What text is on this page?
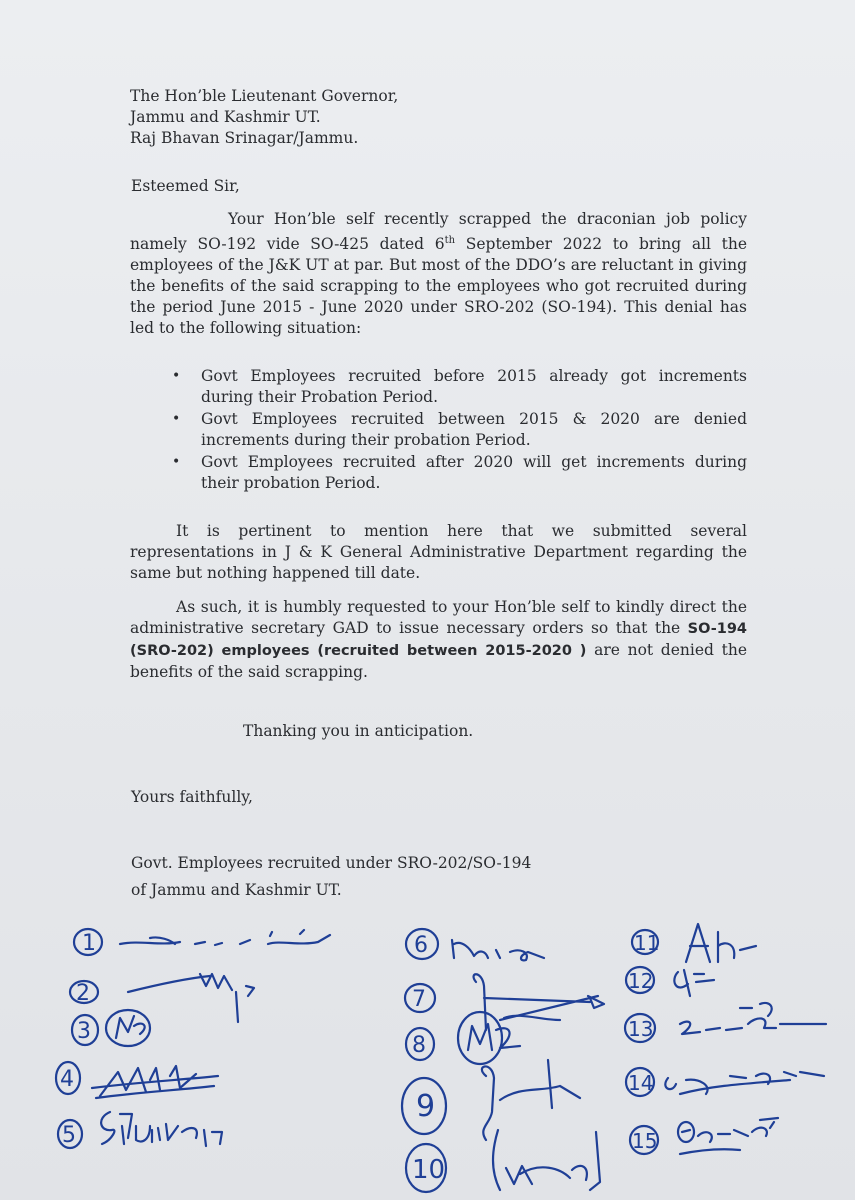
The Hon’ble Lieutenant Governor,
Jammu and Kashmir UT.
Raj Bhavan Srinagar/Jammu.
Esteemed Sir,
Your Hon’ble self recently scrapped the draconian job policy namely SO-192 vide SO-425 dated 6th September 2022 to bring all the employees of the J&K UT at par. But most of the DDO’s are reluctant in giving the benefits of the said scrapping to the employees who got recruited during the period June 2015 - June 2020 under SRO-202 (SO-194). This denial has led to the following situation:
• Govt Employees recruited before 2015 already got increments during their Probation Period.
• Govt Employees recruited between 2015 & 2020 are denied increments during their probation Period.
• Govt Employees recruited after 2020 will get increments during their probation Period.
It is pertinent to mention here that we submitted several representations in J & K General Administrative Department regarding the same but nothing happened till date.
As such, it is humbly requested to your Hon’ble self to kindly direct the administrative secretary GAD to issue necessary orders so that the SO-194 (SRO-202) employees (recruited between 2015-2020 ) are not denied the benefits of the said scrapping.
Thanking you in anticipation.
Yours faithfully,
Govt. Employees recruited under SRO-202/SO-194
of Jammu and Kashmir UT.
1
2
3
4
5
6
7
8
9
10
11
12
13
14
15
